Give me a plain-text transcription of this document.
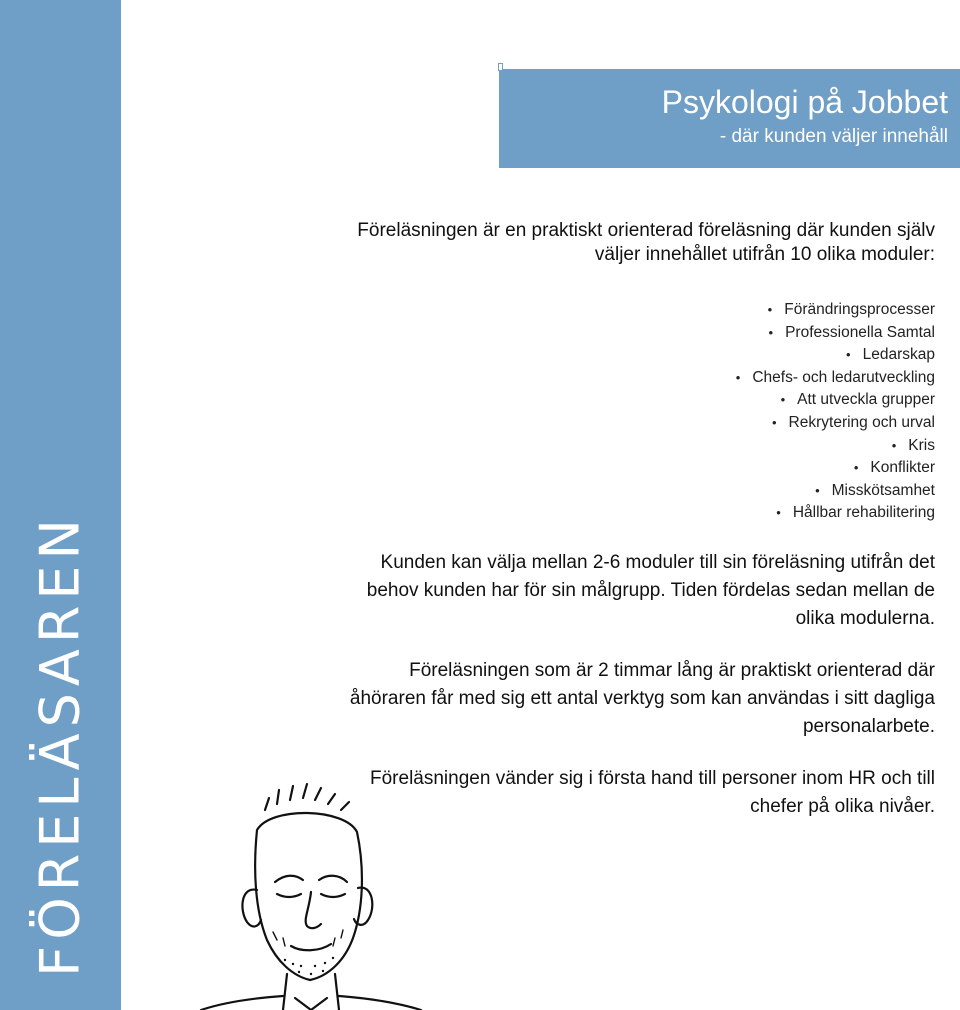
FÖRELÄSAREN
Psykologi på Jobbet
- där kunden väljer innehåll
Föreläsningen är en praktiskt orienterad föreläsning där kunden själv väljer innehållet utifrån 10 olika moduler:
• Förändringsprocesser
• Professionella Samtal
• Ledarskap
• Chefs- och ledarutveckling
• Att utveckla grupper
• Rekrytering och urval
• Kris
• Konflikter
• Misskötsamhet
• Hållbar rehabilitering
Kunden kan välja mellan 2-6 moduler till sin föreläsning utifrån det behov kunden har för sin målgrupp. Tiden fördelas sedan mellan de olika modulerna.
Föreläsningen som är 2 timmar lång är praktiskt orienterad där åhöraren får med sig ett antal verktyg som kan användas i sitt dagliga personalarbete.
Föreläsningen vänder sig i första hand till personer inom HR och till chefer på olika nivåer.
